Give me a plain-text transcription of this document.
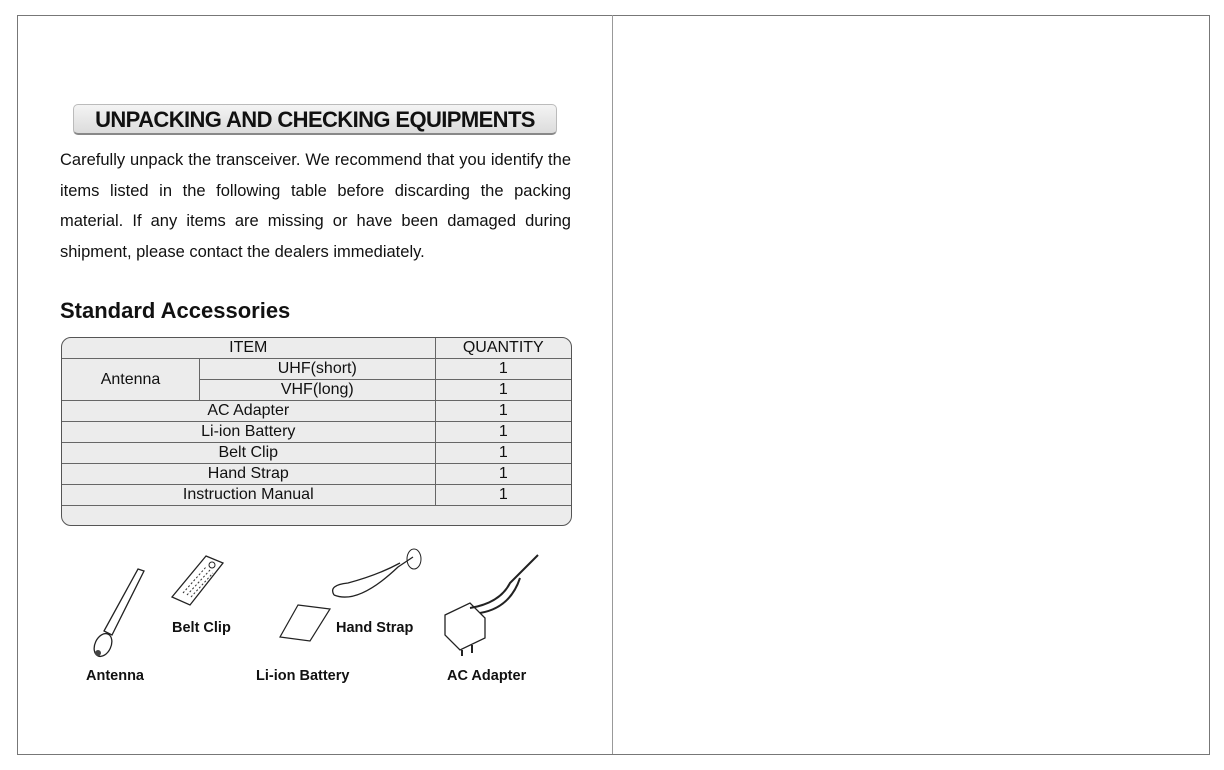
UNPACKING AND CHECKING EQUIPMENTS
Carefully unpack the transceiver. We recommend that you identify the items listed in the following table before discarding the packing material. If any items are missing or have been damaged during shipment, please contact the dealers immediately.
Standard Accessories
ITEM		QUANTITY
Antenna	UHF(short)	1
	VHF(long)	1
AC Adapter		1
Li-ion Battery		1
Belt Clip		1
Hand Strap		1
Instruction Manual		1
Belt Clip	Hand Strap
Antenna	Li-ion Battery	AC Adapter
